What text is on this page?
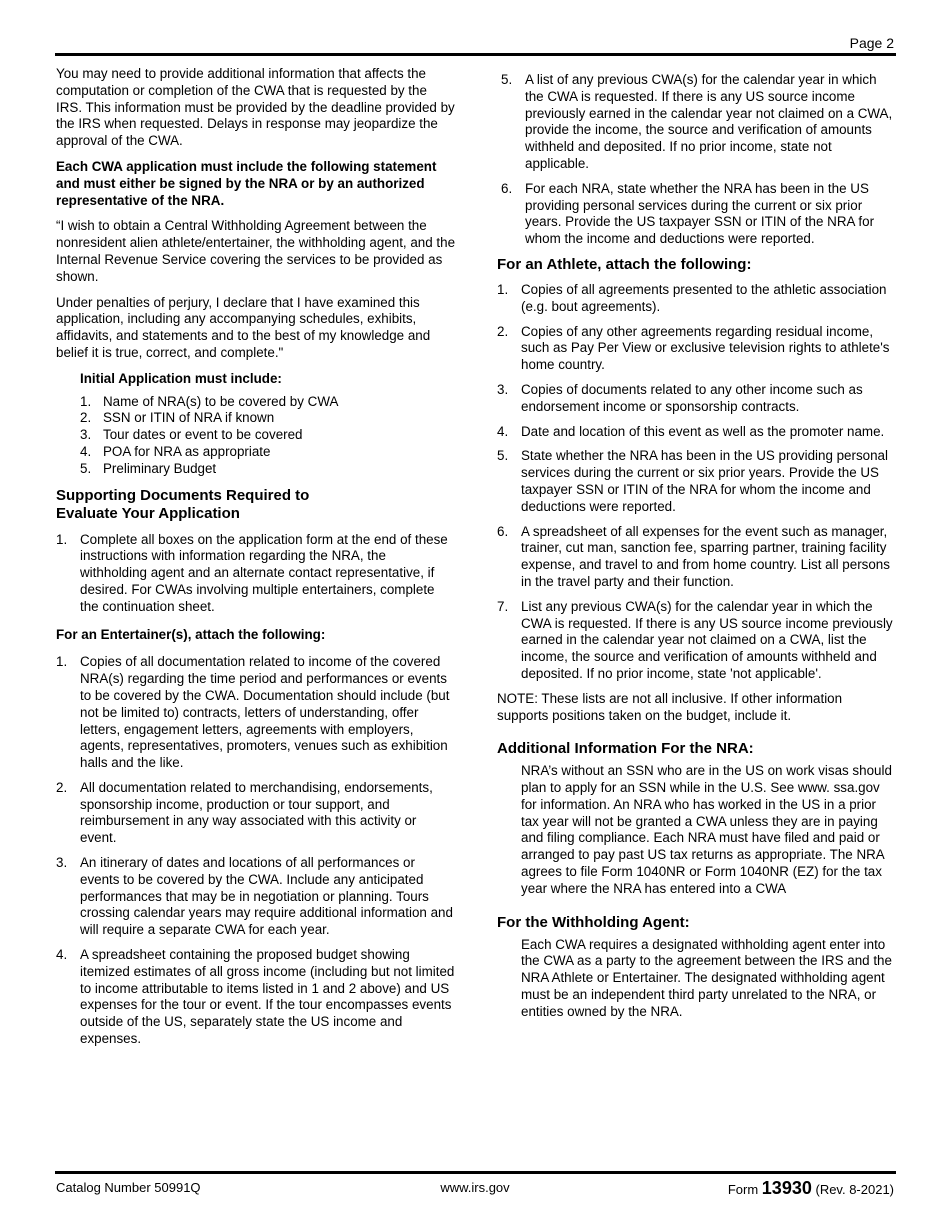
Page 2

You may need to provide additional information that affects the computation or completion of the CWA that is requested by the IRS. This information must be provided by the deadline provided by the IRS when requested. Delays in response may jeopardize the approval of the CWA.

Each CWA application must include the following statement and must either be signed by the NRA or by an authorized representative of the NRA.

“I wish to obtain a Central Withholding Agreement between the nonresident alien athlete/entertainer, the withholding agent, and the Internal Revenue Service covering the services to be provided as shown.

Under penalties of perjury, I declare that I have examined this application, including any accompanying schedules, exhibits, affidavits, and statements and to the best of my knowledge and belief it is true, correct, and complete."

Initial Application must include:

1. Name of NRA(s) to be covered by CWA
2. SSN or ITIN of NRA if known
3. Tour dates or event to be covered
4. POA for NRA as appropriate
5. Preliminary Budget

Supporting Documents Required to Evaluate Your Application

1. Complete all boxes on the application form at the end of these instructions with information regarding the NRA, the withholding agent and an alternate contact representative, if desired. For CWAs involving multiple entertainers, complete the continuation sheet.

For an Entertainer(s), attach the following:

1. Copies of all documentation related to income of the covered NRA(s) regarding the time period and performances or events to be covered by the CWA. Documentation should include (but not be limited to) contracts, letters of understanding, offer letters, engagement letters, agreements with employers, agents, representatives, promoters, venues such as exhibition halls and the like.
2. All documentation related to merchandising, endorsements, sponsorship income, production or tour support, and reimbursement in any way associated with this activity or event.
3. An itinerary of dates and locations of all performances or events to be covered by the CWA. Include any anticipated performances that may be in negotiation or planning. Tours crossing calendar years may require additional information and will require a separate CWA for each year.
4. A spreadsheet containing the proposed budget showing itemized estimates of all gross income (including but not limited to income attributable to items listed in 1 and 2 above) and US expenses for the tour or event. If the tour encompasses events outside of the US, separately state the US income and expenses.
5. A list of any previous CWA(s) for the calendar year in which the CWA is requested. If there is any US source income previously earned in the calendar year not claimed on a CWA, provide the income, the source and verification of amounts withheld and deposited. If no prior income, state not applicable.
6. For each NRA, state whether the NRA has been in the US providing personal services during the current or six prior years. Provide the US taxpayer SSN or ITIN of the NRA for whom the income and deductions were reported.

For an Athlete, attach the following:

1. Copies of all agreements presented to the athletic association (e.g. bout agreements).
2. Copies of any other agreements regarding residual income, such as Pay Per View or exclusive television rights to athlete's home country.
3. Copies of documents related to any other income such as endorsement income or sponsorship contracts.
4. Date and location of this event as well as the promoter name.
5. State whether the NRA has been in the US providing personal services during the current or six prior years. Provide the US taxpayer SSN or ITIN of the NRA for whom the income and deductions were reported.
6. A spreadsheet of all expenses for the event such as manager, trainer, cut man, sanction fee, sparring partner, training facility expense, and travel to and from home country. List all persons in the travel party and their function.
7. List any previous CWA(s) for the calendar year in which the CWA is requested. If there is any US source income previously earned in the calendar year not claimed on a CWA, list the income, the source and verification of amounts withheld and deposited. If no prior income, state 'not applicable'.

NOTE: These lists are not all inclusive. If other information supports positions taken on the budget, include it.

Additional Information For the NRA:

NRA’s without an SSN who are in the US on work visas should plan to apply for an SSN while in the U.S. See www. ssa.gov for information. An NRA who has worked in the US in a prior tax year will not be granted a CWA unless they are in paying and filing compliance. Each NRA must have filed and paid or arranged to pay past US tax returns as appropriate. The NRA agrees to file Form 1040NR or Form 1040NR (EZ) for the tax year where the NRA has entered into a CWA

For the Withholding Agent:

Each CWA requires a designated withholding agent enter into the CWA as a party to the agreement between the IRS and the NRA Athlete or Entertainer. The designated withholding agent must be an independent third party unrelated to the NRA, or entities owned by the NRA.

Catalog Number 50991Q	www.irs.gov	Form 13930 (Rev. 8-2021)
